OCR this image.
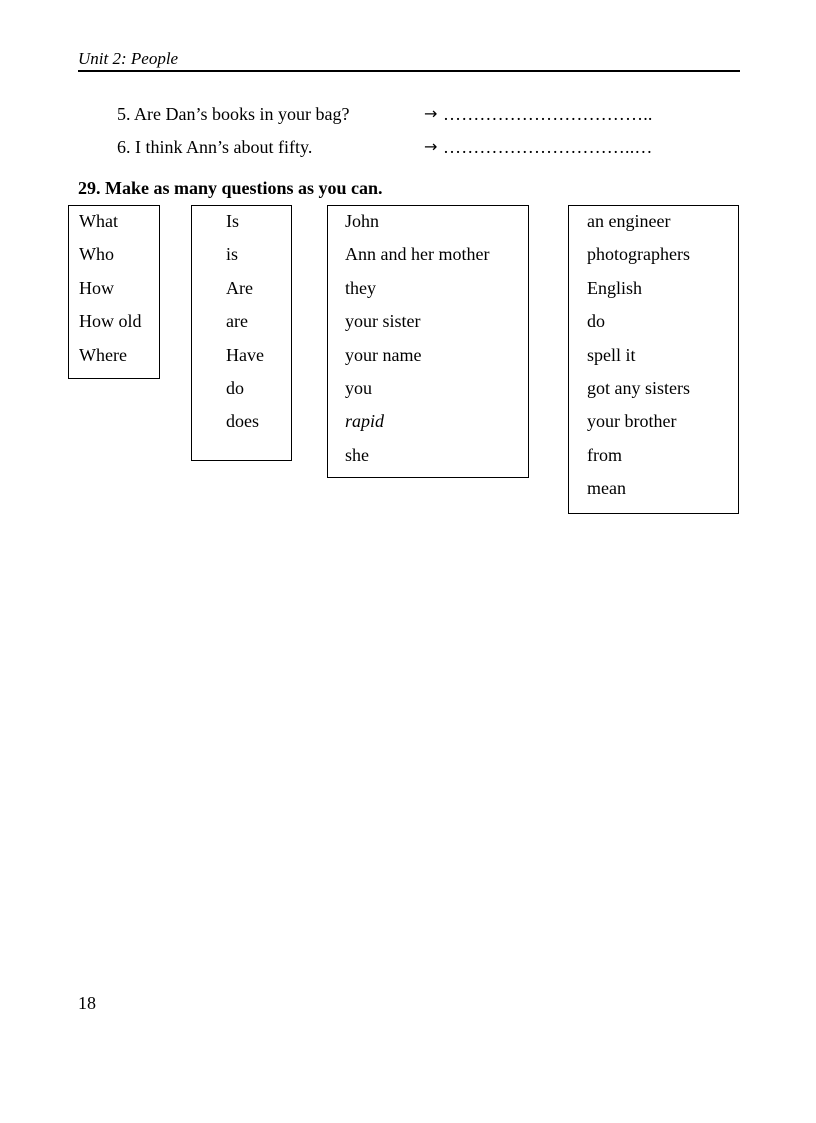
Unit 2: People
5. Are Dan’s books in your bag?	→ ……………………………..
6. I think Ann’s about fifty.	→ …………………………..…
29. Make as many questions as you can.
What
Who
How
How old
Where
Is
is
Are
are
Have
do
does
John
Ann and her mother
they
your sister
your name
you
rapid
she
an engineer
photographers
English
do
spell it
got any sisters
your brother
from
mean
18
